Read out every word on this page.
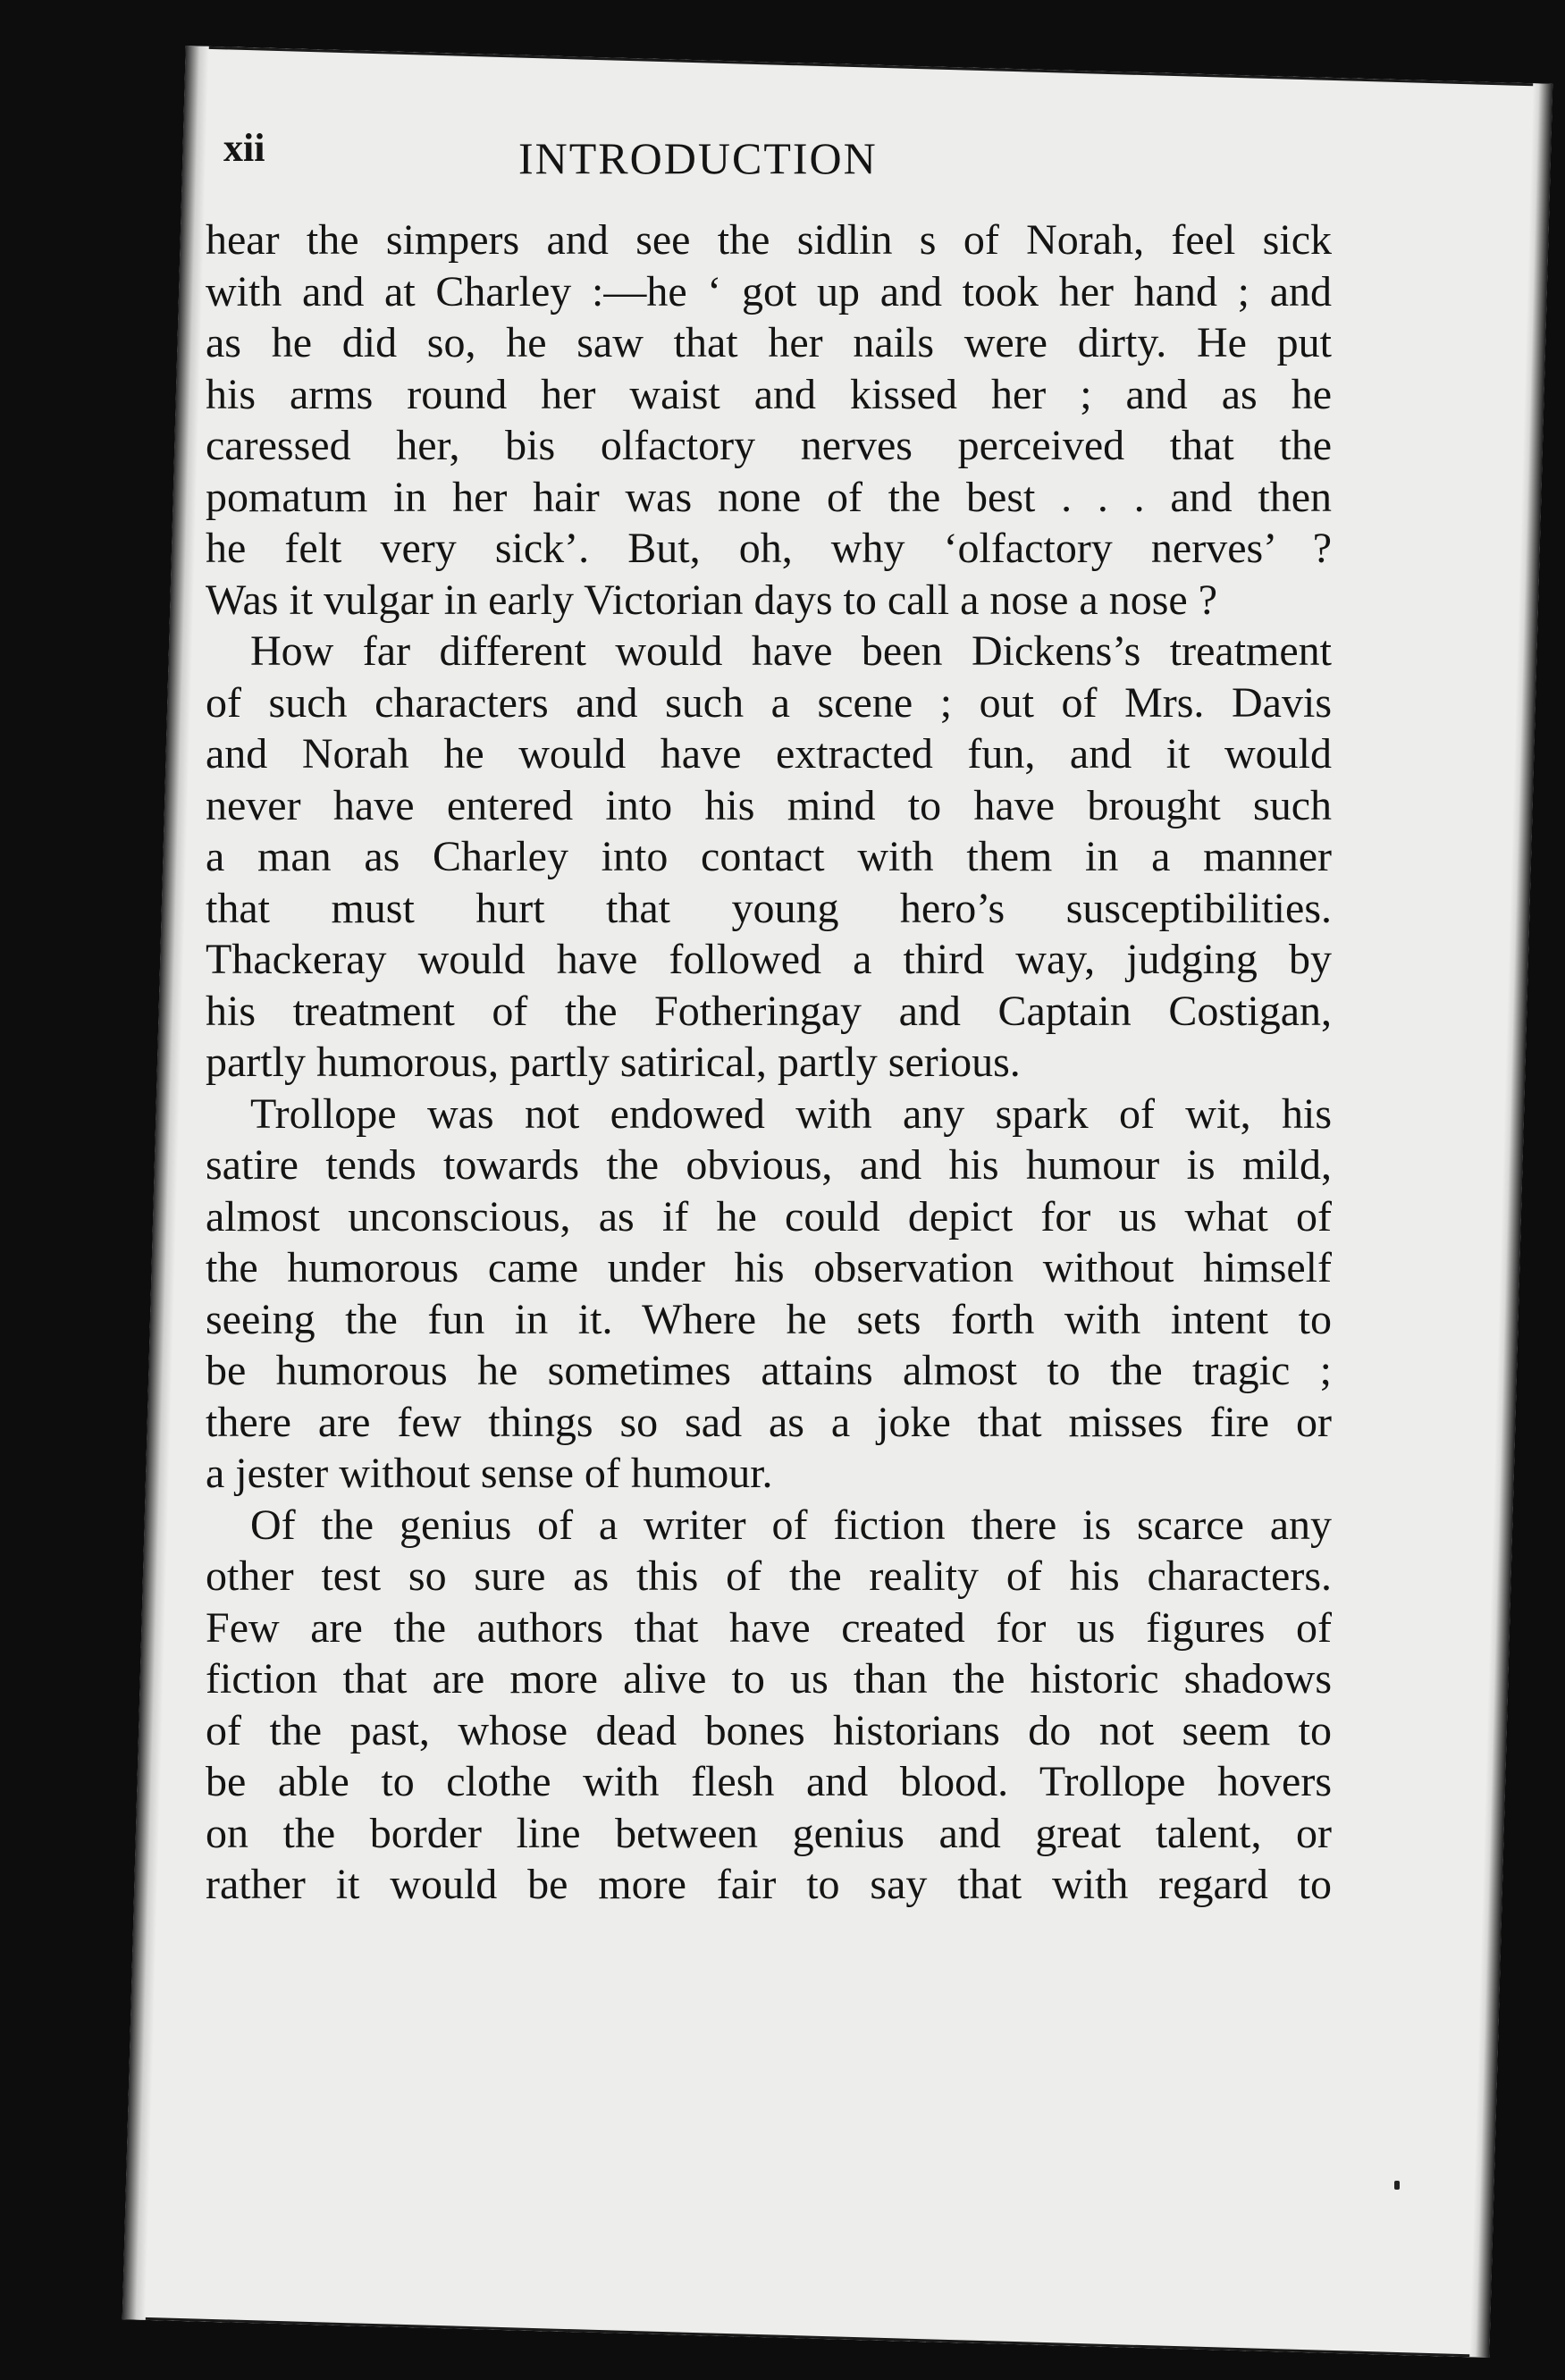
xii	INTRODUCTION
hear the simpers and see the sidlin s of Norah, feel sick
with and at Charley :—he ‘ got up and took her hand ; and
as he did so, he saw that her nails were dirty. He put
his arms round her waist and kissed her ; and as he
caressed her, bis olfactory nerves perceived that the
pomatum in her hair was none of the best . . . and then
he felt very sick’. But, oh, why ‘olfactory nerves’ ?
Was it vulgar in early Victorian days to call a nose a nose ?
How far different would have been Dickens’s treatment
of such characters and such a scene ; out of Mrs. Davis
and Norah he would have extracted fun, and it would
never have entered into his mind to have brought such
a man as Charley into contact with them in a manner
that must hurt that young hero’s susceptibilities.
Thackeray would have followed a third way, judging by
his treatment of the Fotheringay and Captain Costigan,
partly humorous, partly satirical, partly serious.
Trollope was not endowed with any spark of wit, his
satire tends towards the obvious, and his humour is mild,
almost unconscious, as if he could depict for us what of
the humorous came under his observation without himself
seeing the fun in it. Where he sets forth with intent to
be humorous he sometimes attains almost to the tragic ;
there are few things so sad as a joke that misses fire or
a jester without sense of humour.
Of the genius of a writer of fiction there is scarce any
other test so sure as this of the reality of his characters.
Few are the authors that have created for us figures of
fiction that are more alive to us than the historic shadows
of the past, whose dead bones historians do not seem to
be able to clothe with flesh and blood. Trollope hovers
on the border line between genius and great talent, or
rather it would be more fair to say that with regard to
